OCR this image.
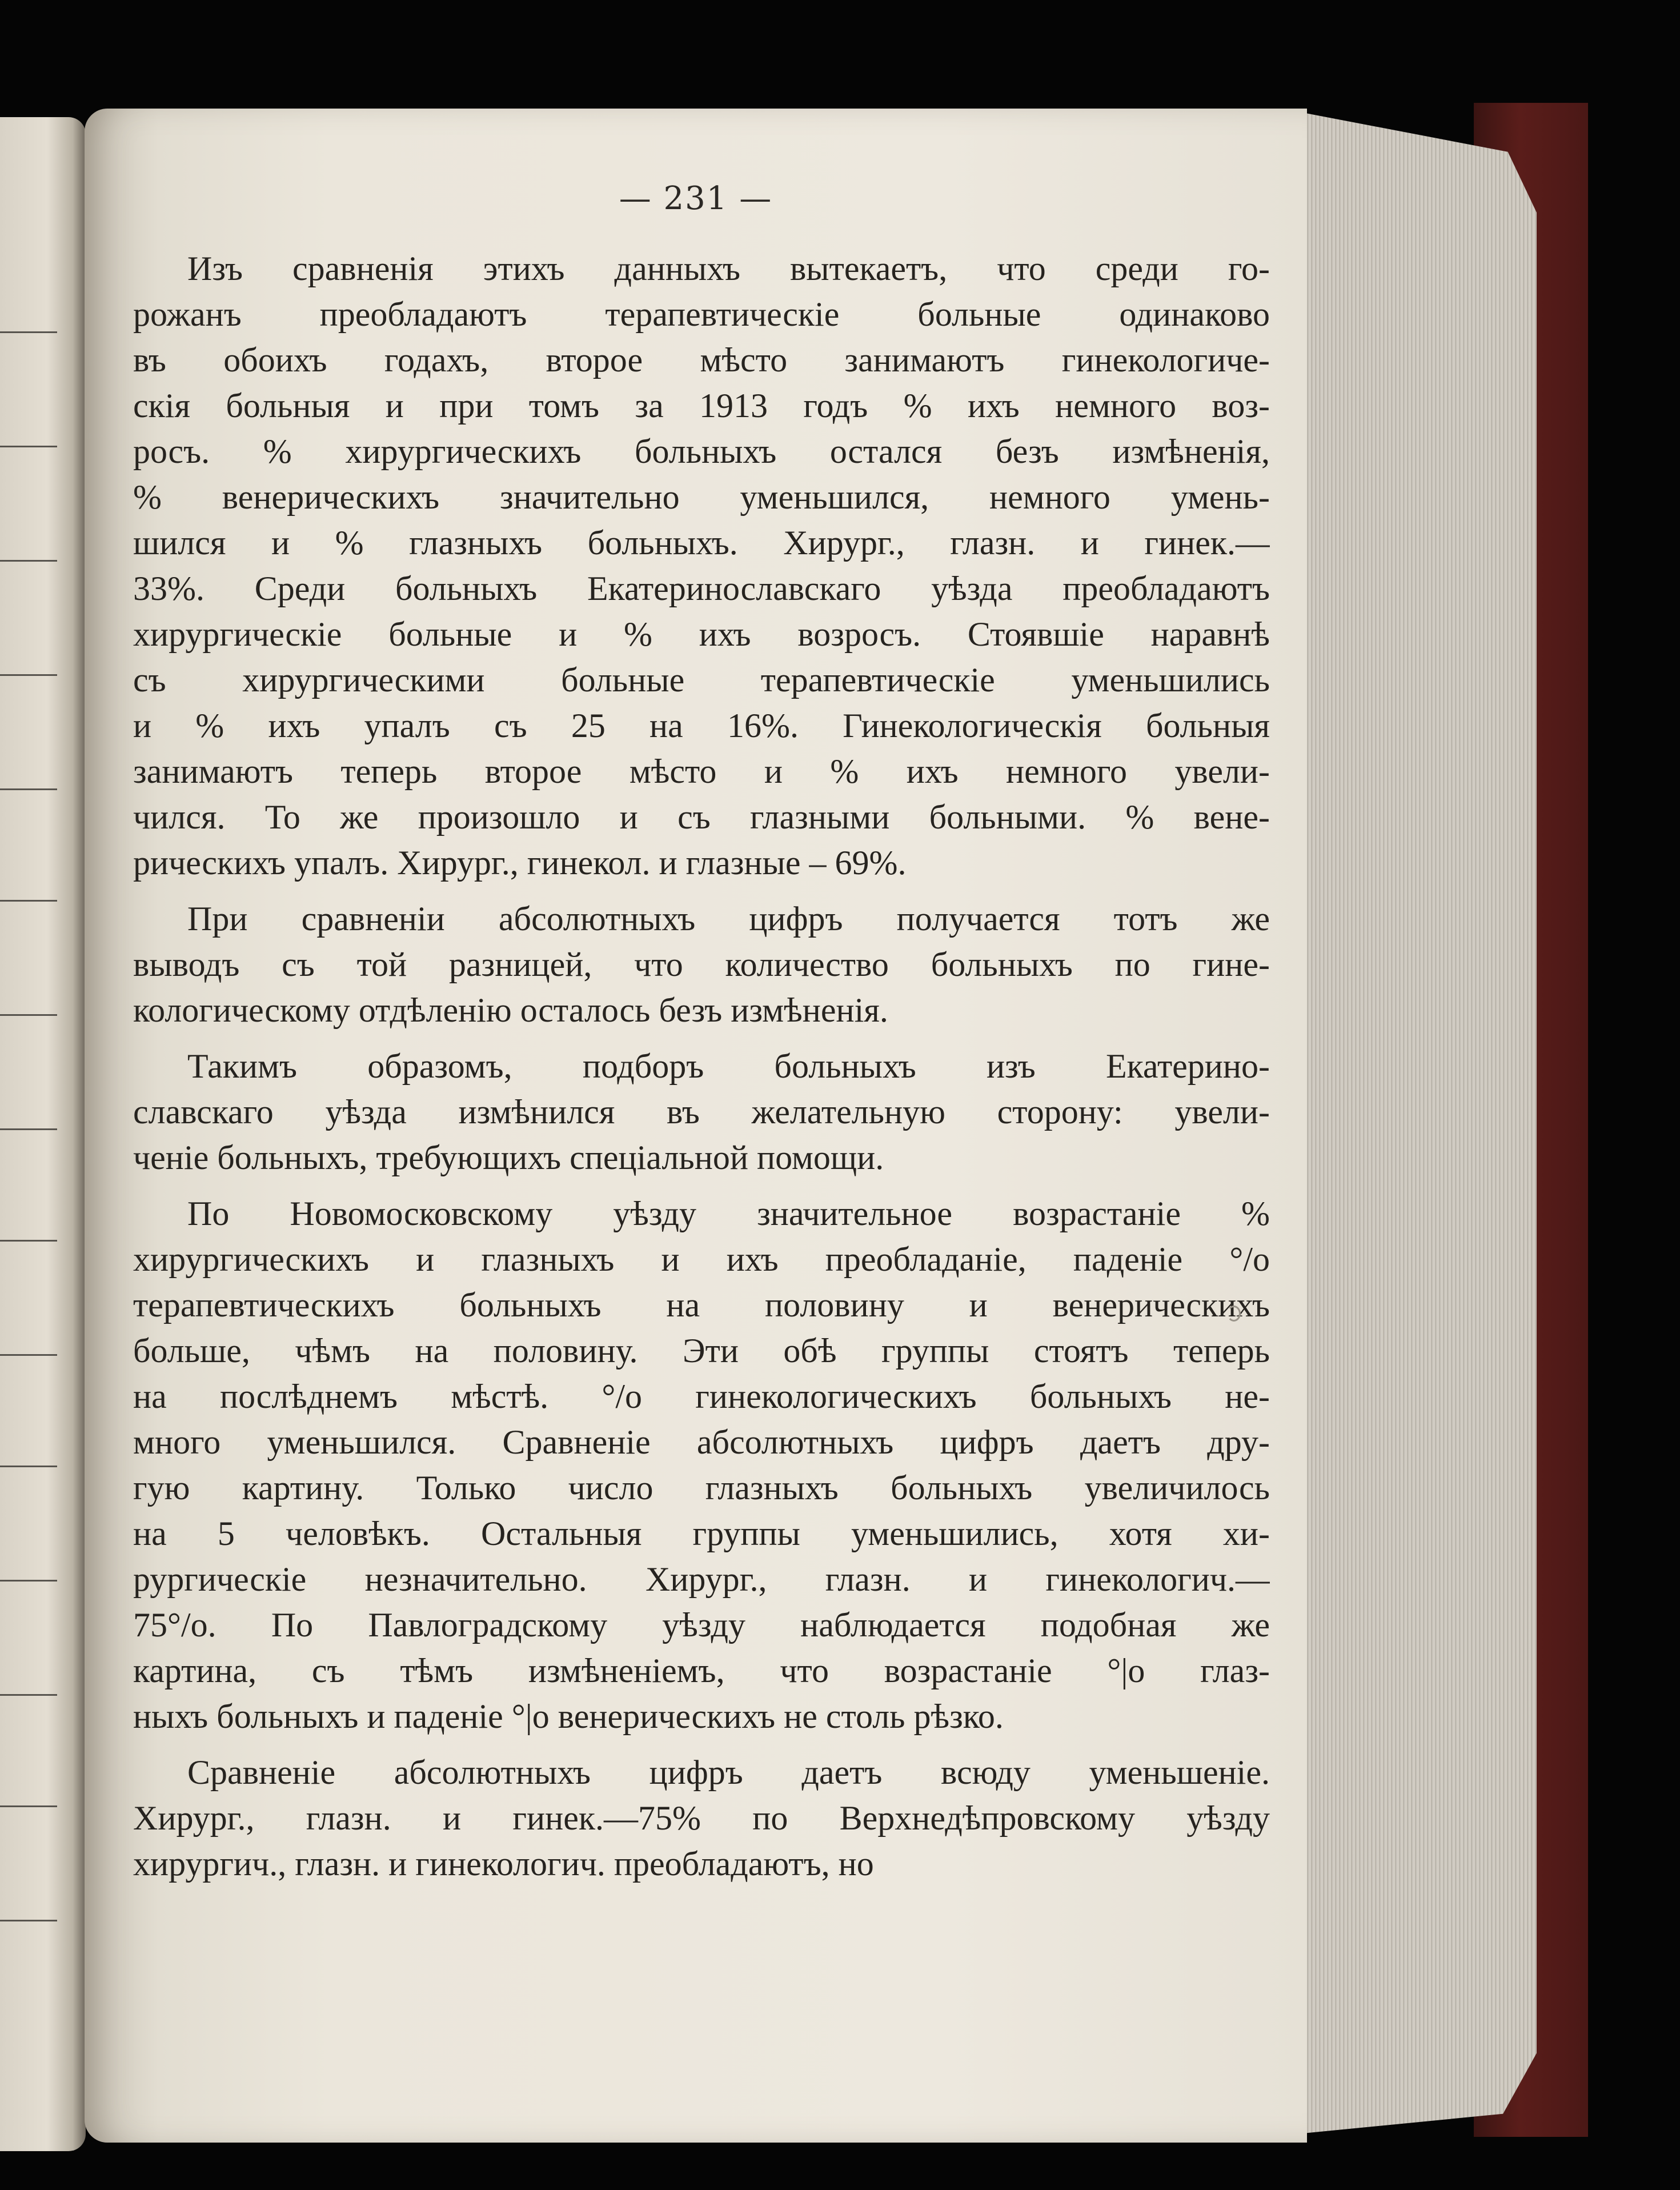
— 231 —
Изъ сравненія этихъ данныхъ вытекаетъ, что среди го-
рожанъ преобладаютъ терапевтическіе больные одинаково
въ обоихъ годахъ, второе мѣсто занимаютъ гинекологиче-
скія больныя и при томъ за 1913 годъ % ихъ немного воз-
росъ. % хирургическихъ больныхъ остался безъ измѣненія,
% венерическихъ значительно уменьшился, немного умень-
шился и % глазныхъ больныхъ. Хирург., глазн. и гинек.—
33%. Среди больныхъ Екатеринославскаго уѣзда преобладаютъ
хирургическіе больные и % ихъ возросъ. Стоявшіе наравнѣ
съ хирургическими больные терапевтическіе уменьшились
и % ихъ упалъ съ 25 на 16%. Гинекологическія больныя
занимаютъ теперь второе мѣсто и % ихъ немного увели-
чился. То же произошло и съ глазными больными. % вене-
рическихъ упалъ. Хирург., гинекол. и глазные – 69%.
При сравненіи абсолютныхъ цифръ получается тотъ же
выводъ съ той разницей, что количество больныхъ по гине-
кологическому отдѣленію осталось безъ измѣненія.
Такимъ образомъ, подборъ больныхъ изъ Екатерино-
славскаго уѣзда измѣнился въ желательную сторону: увели-
ченіе больныхъ, требующихъ спеціальной помощи.
По Новомосковскому уѣзду значительное возрастаніе %
хирургическихъ и глазныхъ и ихъ преобладаніе, паденіе °/o
терапевтическихъ больныхъ на половину и венерическихъ
больше, чѣмъ на половину. Эти обѣ группы стоятъ теперь
на послѣднемъ мѣстѣ. °/o гинекологическихъ больныхъ не-
много уменьшился. Сравненіе абсолютныхъ цифръ даетъ дру-
гую картину. Только число глазныхъ больныхъ увеличилось
на 5 человѣкъ. Остальныя группы уменьшились, хотя хи-
рургическіе незначительно. Хирург., глазн. и гинекологич.—
75°/o. По Павлоградскому уѣзду наблюдается подобная же
картина, съ тѣмъ измѣненіемъ, что возрастаніе °|o глаз-
ныхъ больныхъ и паденіе °|o венерическихъ не столь рѣзко.
Сравненіе абсолютныхъ цифръ даетъ всюду уменьшеніе.
Хирург., глазн. и гинек.—75% по Верхнедѣпровскому уѣзду
хирургич., глазн. и гинекологич. преобладаютъ, но
